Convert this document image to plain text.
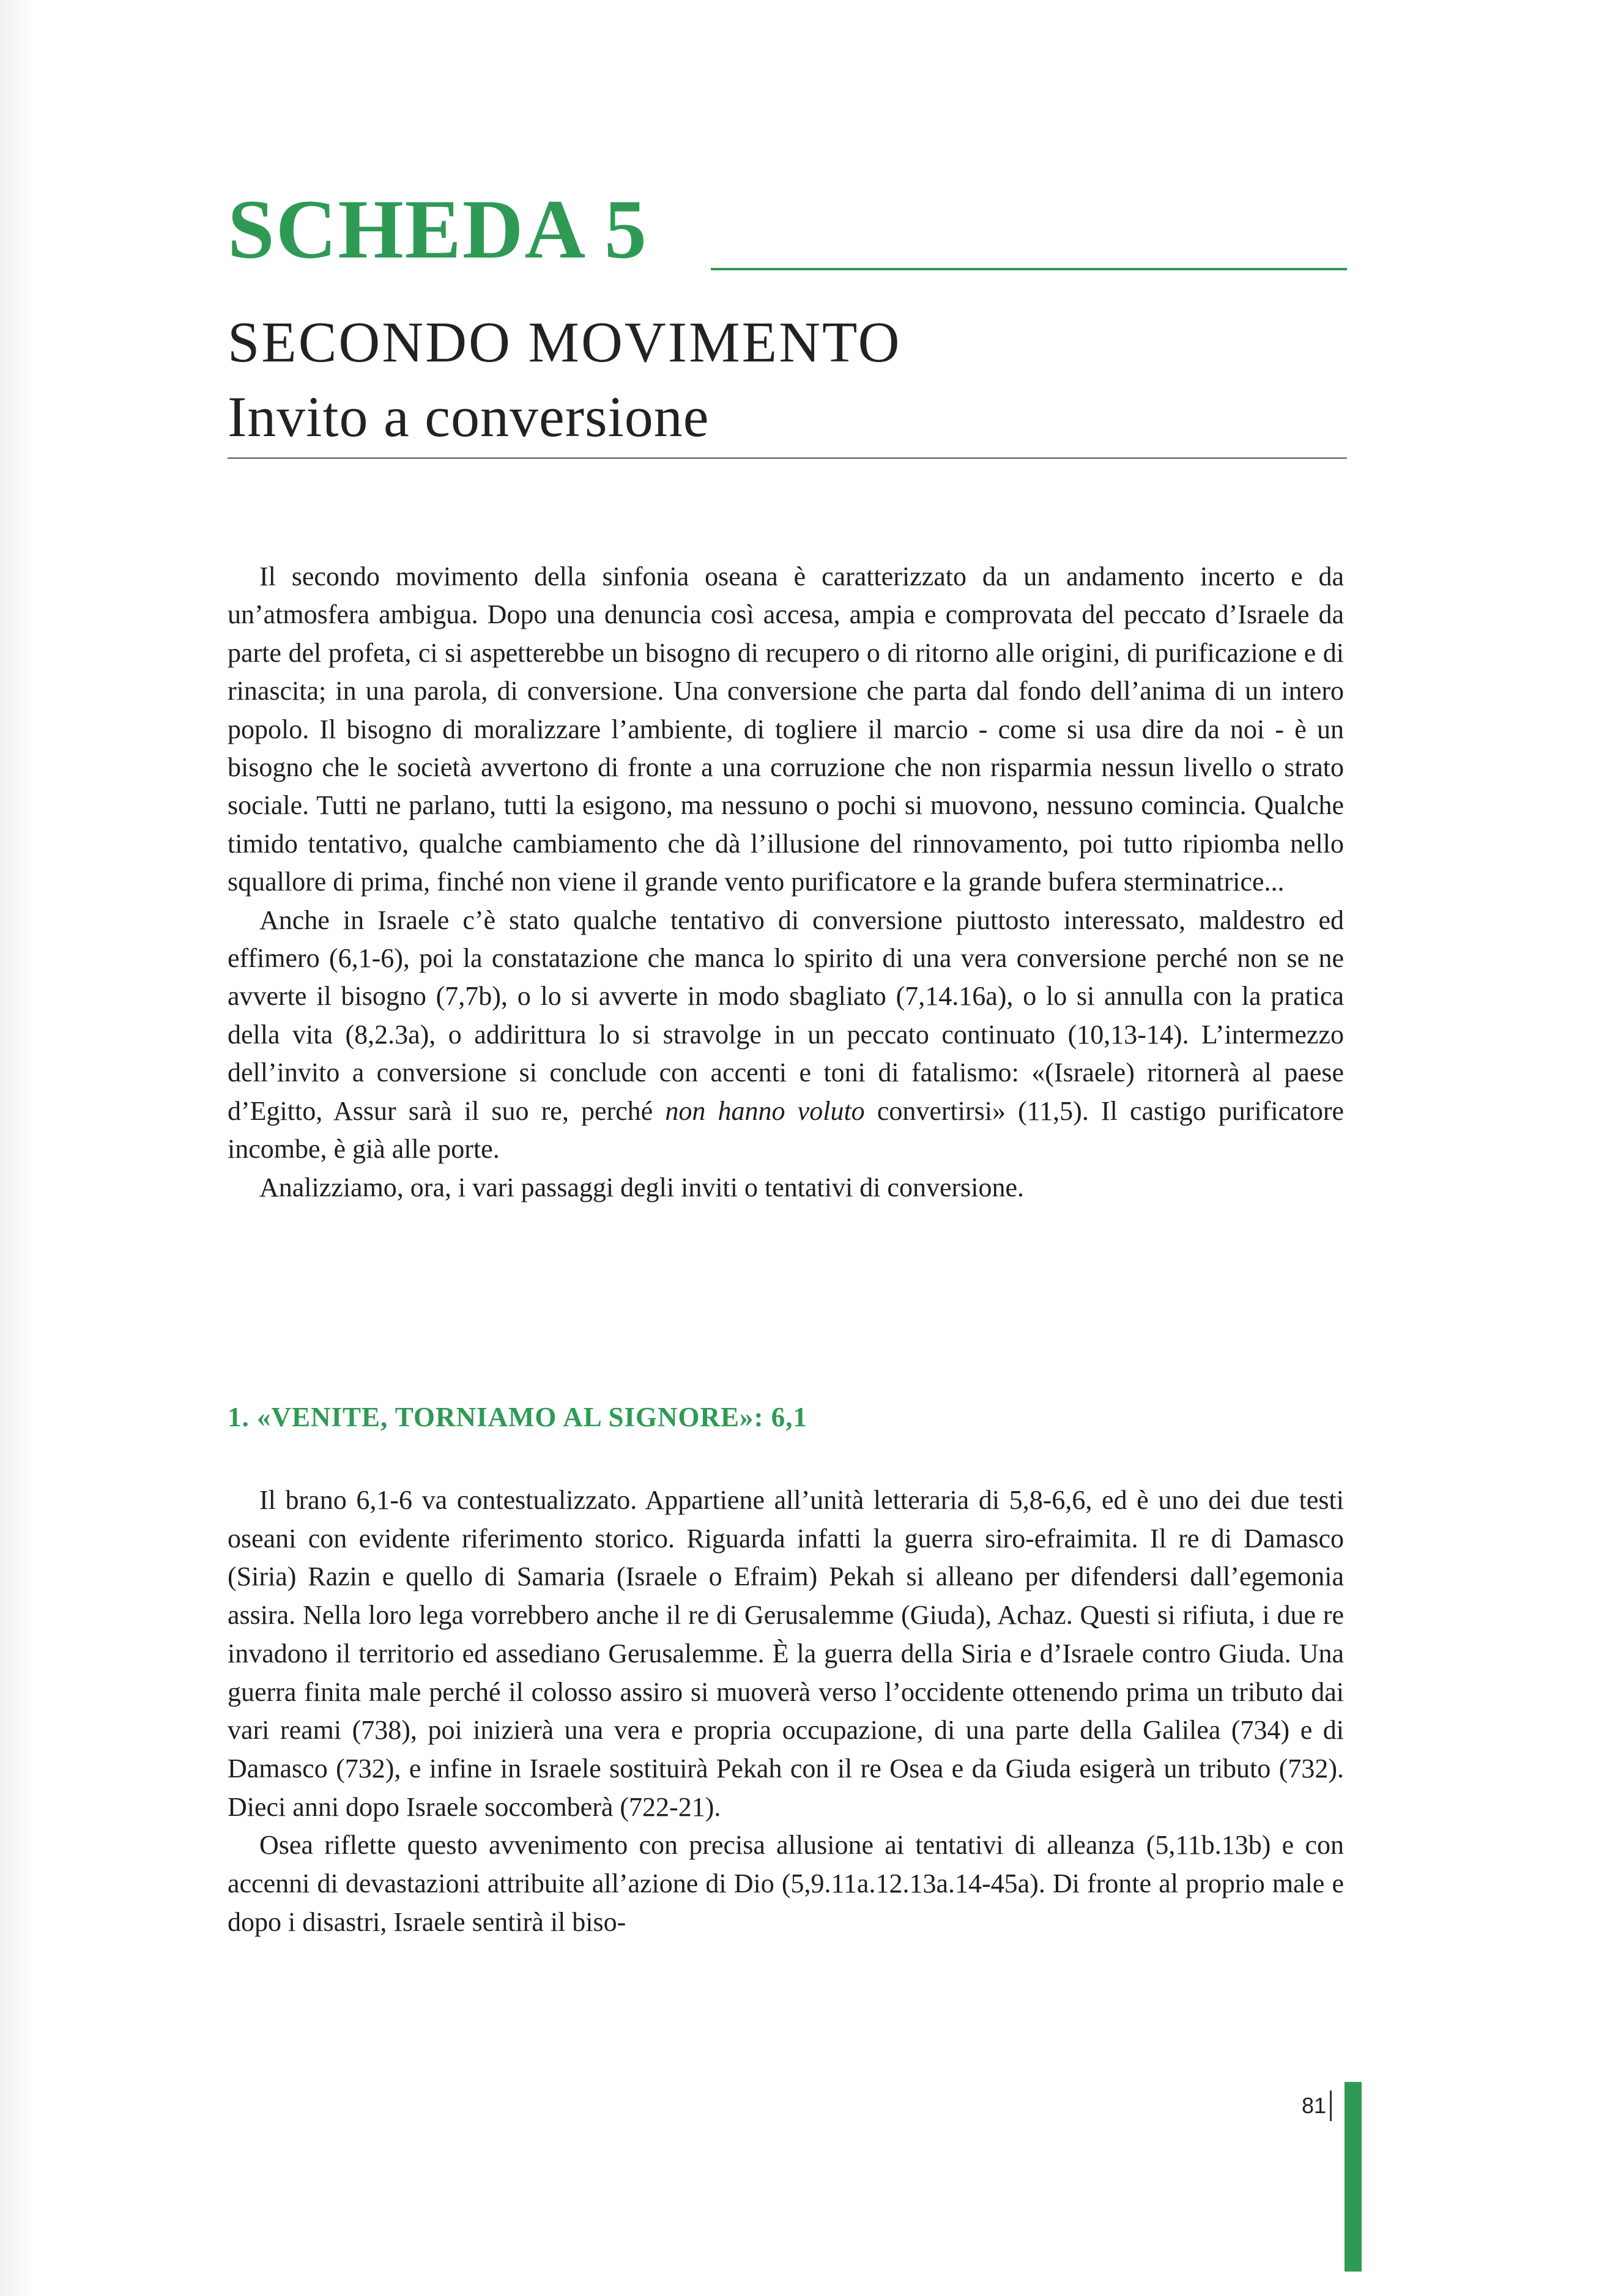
SCHEDA 5
SECONDO MOVIMENTO
Invito a conversione

Il secondo movimento della sinfonia oseana è caratterizzato da un andamento incerto e da un’atmosfera ambigua. Dopo una denuncia così accesa, ampia e comprovata del peccato d’Israele da parte del profeta, ci si aspetterebbe un bisogno di recupero o di ritorno alle origini, di purificazione e di rinascita; in una parola, di conversione. Una conversione che parta dal fondo dell’anima di un intero popolo. Il bisogno di moralizzare l’ambiente, di togliere il marcio - come si usa dire da noi - è un bisogno che le società avvertono di fronte a una corruzione che non risparmia nessun livello o strato sociale. Tutti ne parlano, tutti la esigono, ma nessuno o pochi si muovono, nessuno comincia. Qualche timido tentativo, qualche cambiamento che dà l’illusione del rinnovamento, poi tutto ripiomba nello squallore di prima, finché non viene il grande vento purificatore e la grande bufera sterminatrice...

Anche in Israele c’è stato qualche tentativo di conversione piuttosto interessato, maldestro ed effimero (6,1-6), poi la constatazione che manca lo spirito di una vera conversione perché non se ne avverte il bisogno (7,7b), o lo si avverte in modo sbagliato (7,14.16a), o lo si annulla con la pratica della vita (8,2.3a), o addirittura lo si stravolge in un peccato continuato (10,13-14). L’intermezzo dell’invito a conversione si conclude con accenti e toni di fatalismo: «(Israele) ritornerà al paese d’Egitto, Assur sarà il suo re, perché non hanno voluto convertirsi» (11,5). Il castigo purificatore incombe, è già alle porte.

Analizziamo, ora, i vari passaggi degli inviti o tentativi di conversione.

1. «VENITE, TORNIAMO AL SIGNORE»: 6,1

Il brano 6,1-6 va contestualizzato. Appartiene all’unità letteraria di 5,8-6,6, ed è uno dei due testi oseani con evidente riferimento storico. Riguarda infatti la guerra siro-efraimita. Il re di Damasco (Siria) Razin e quello di Samaria (Israele o Efraim) Pekah si alleano per difendersi dall’egemonia assira. Nella loro lega vorrebbero anche il re di Gerusalemme (Giuda), Achaz. Questi si rifiuta, i due re invadono il territorio ed assediano Gerusalemme. È la guerra della Siria e d’Israele contro Giuda. Una guerra finita male perché il colosso assiro si muoverà verso l’occidente ottenendo prima un tributo dai vari reami (738), poi inizierà una vera e propria occupazione, di una parte della Galilea (734) e di Damasco (732), e infine in Israele sostituirà Pekah con il re Osea e da Giuda esigerà un tributo (732). Dieci anni dopo Israele soccomberà (722-21).

Osea riflette questo avvenimento con precisa allusione ai tentativi di alleanza (5,11b.13b) e con accenni di devastazioni attribuite all’azione di Dio (5,9.11a.12.13a.14-45a). Di fronte al proprio male e dopo i disastri, Israele sentirà il biso-

81
